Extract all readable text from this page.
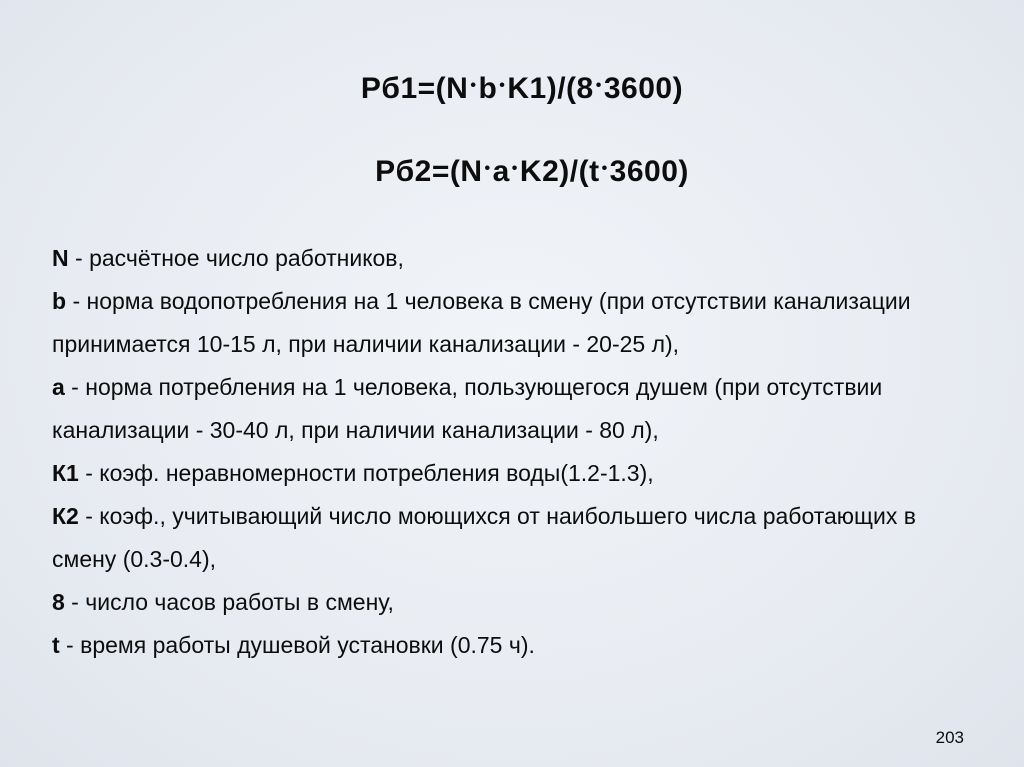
Рб1=(N •b •K1)/(8 •3600)
Рб2=(N •a •K2)/(t •3600)

N - расчётное число работников,

b - норма водопотребления на 1 человека в смену (при отсутствии канализации принимается 10-15 л, при наличии канализации - 20-25 л),

a - норма потребления на 1 человека, пользующегося душем (при отсутствии канализации - 30-40 л, при наличии канализации - 80 л),

К1 - коэф. неравномерности потребления воды(1.2-1.3),

К2 - коэф., учитывающий число моющихся от наибольшего числа работающих в смену (0.3-0.4),

8 - число часов работы в смену,

t - время работы душевой установки (0.75 ч).

203
